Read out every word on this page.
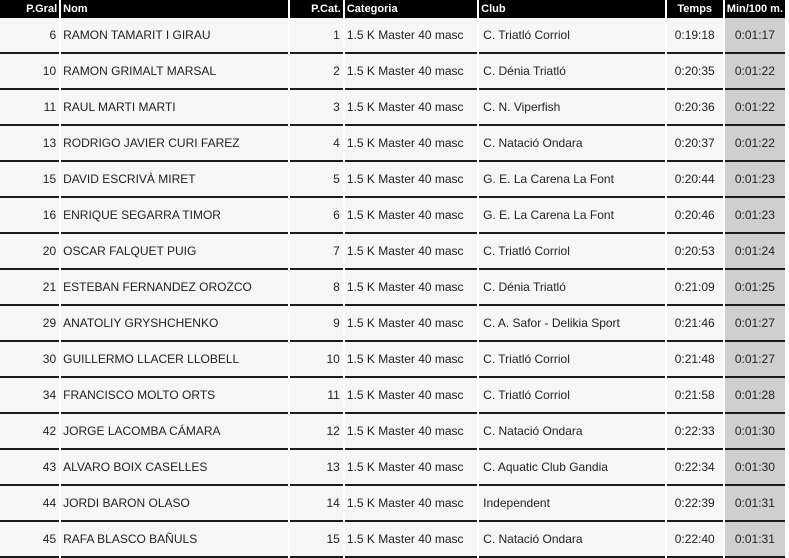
P.Gral	Nom	P.Cat.	Categoria	Club	Temps	Min/100 m.
6	RAMON TAMARIT I GIRAU	1	1.5 K Master 40 masc	C. Triatló Corriol	0:19:18	0:01:17
10	RAMON GRIMALT MARSAL	2	1.5 K Master 40 masc	C. Dénia Triatló	0:20:35	0:01:22
11	RAUL MARTI MARTI	3	1.5 K Master 40 masc	C. N. Viperfish	0:20:36	0:01:22
13	RODRIGO JAVIER CURI FAREZ	4	1.5 K Master 40 masc	C. Natació Ondara	0:20:37	0:01:22
15	DAVID ESCRIVÀ MIRET	5	1.5 K Master 40 masc	G. E. La Carena La Font	0:20:44	0:01:23
16	ENRIQUE SEGARRA TIMOR	6	1.5 K Master 40 masc	G. E. La Carena La Font	0:20:46	0:01:23
20	OSCAR FALQUET PUIG	7	1.5 K Master 40 masc	C. Triatló Corriol	0:20:53	0:01:24
21	ESTEBAN FERNANDEZ OROZCO	8	1.5 K Master 40 masc	C. Dénia Triatló	0:21:09	0:01:25
29	ANATOLIY GRYSHCHENKO	9	1.5 K Master 40 masc	C. A. Safor - Delikia Sport	0:21:46	0:01:27
30	GUILLERMO LLACER LLOBELL	10	1.5 K Master 40 masc	C. Triatló Corriol	0:21:48	0:01:27
34	FRANCISCO MOLTO ORTS	11	1.5 K Master 40 masc	C. Triatló Corriol	0:21:58	0:01:28
42	JORGE LACOMBA CÁMARA	12	1.5 K Master 40 masc	C. Natació Ondara	0:22:33	0:01:30
43	ALVARO BOIX CASELLES	13	1.5 K Master 40 masc	C. Aquatic Club Gandia	0:22:34	0:01:30
44	JORDI BARON OLASO	14	1.5 K Master 40 masc	Independent	0:22:39	0:01:31
45	RAFA BLASCO BAÑULS	15	1.5 K Master 40 masc	C. Natació Ondara	0:22:40	0:01:31
